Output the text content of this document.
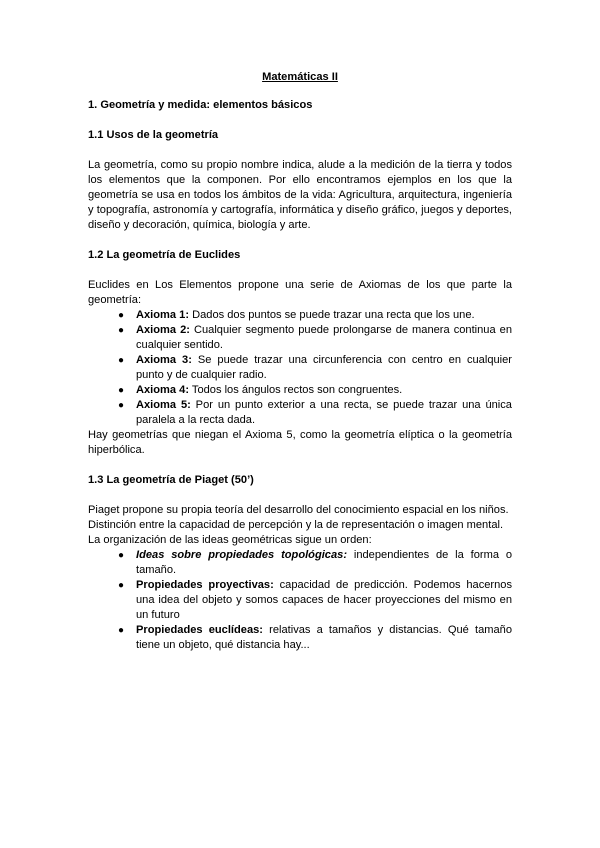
Matemáticas II
1. Geometría y medida: elementos básicos
1.1 Usos de la geometría

La geometría, como su propio nombre indica, alude a la medición de la tierra y todos los elementos que la componen. Por ello encontramos ejemplos en los que la geometría se usa en todos los ámbitos de la vida: Agricultura, arquitectura, ingeniería y topografía, astronomía y cartografía, informática y diseño gráfico, juegos y deportes, diseño y decoración, química, biología y arte.

1.2 La geometría de Euclides

Euclides en Los Elementos propone una serie de Axiomas de los que parte la geometría:

● Axioma 1: Dados dos puntos se puede trazar una recta que los une.
● Axioma 2: Cualquier segmento puede prolongarse de manera continua en cualquier sentido.
● Axioma 3: Se puede trazar una circunferencia con centro en cualquier punto y de cualquier radio.
● Axioma 4: Todos los ángulos rectos son congruentes.
● Axioma 5: Por un punto exterior a una recta, se puede trazar una única paralela a la recta dada.

Hay geometrías que niegan el Axioma 5, como la geometría elíptica o la geometría hiperbólica.

1.3 La geometría de Piaget (50’)

Piaget propone su propia teoría del desarrollo del conocimiento espacial en los niños.

Distinción entre la capacidad de percepción y la de representación o imagen mental.

La organización de las ideas geométricas sigue un orden:

● Ideas sobre propiedades topológicas: independientes de la forma o tamaño.
● Propiedades proyectivas: capacidad de predicción. Podemos hacernos una idea del objeto y somos capaces de hacer proyecciones del mismo en un futuro
● Propiedades euclídeas: relativas a tamaños y distancias. Qué tamaño tiene un objeto, qué distancia hay...
